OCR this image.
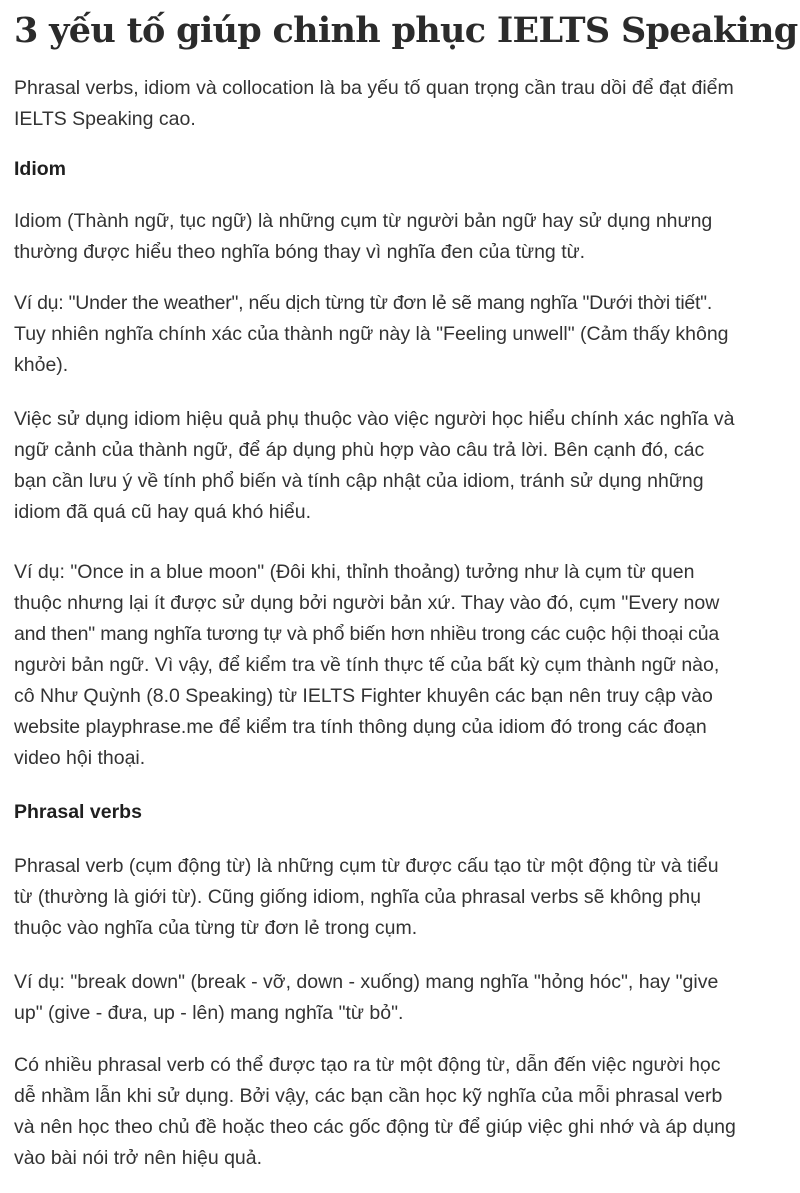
3 yếu tố giúp chinh phục IELTS Speaking

Phrasal verbs, idiom và collocation là ba yếu tố quan trọng cần trau dồi để đạt điểm
IELTS Speaking cao.

Idiom

Idiom (Thành ngữ, tục ngữ) là những cụm từ người bản ngữ hay sử dụng nhưng
thường được hiểu theo nghĩa bóng thay vì nghĩa đen của từng từ.

Ví dụ: "Under the weather", nếu dịch từng từ đơn lẻ sẽ mang nghĩa "Dưới thời tiết".
Tuy nhiên nghĩa chính xác của thành ngữ này là "Feeling unwell" (Cảm thấy không
khỏe).

Việc sử dụng idiom hiệu quả phụ thuộc vào việc người học hiểu chính xác nghĩa và
ngữ cảnh của thành ngữ, để áp dụng phù hợp vào câu trả lời. Bên cạnh đó, các
bạn cần lưu ý về tính phổ biến và tính cập nhật của idiom, tránh sử dụng những
idiom đã quá cũ hay quá khó hiểu.

Ví dụ: "Once in a blue moon" (Đôi khi, thỉnh thoảng) tưởng như là cụm từ quen
thuộc nhưng lại ít được sử dụng bởi người bản xứ. Thay vào đó, cụm "Every now
and then" mang nghĩa tương tự và phổ biến hơn nhiều trong các cuộc hội thoại của
người bản ngữ. Vì vậy, để kiểm tra về tính thực tế của bất kỳ cụm thành ngữ nào,
cô Như Quỳnh (8.0 Speaking) từ IELTS Fighter khuyên các bạn nên truy cập vào
website playphrase.me để kiểm tra tính thông dụng của idiom đó trong các đoạn
video hội thoại.

Phrasal verbs

Phrasal verb (cụm động từ) là những cụm từ được cấu tạo từ một động từ và tiểu
từ (thường là giới từ). Cũng giống idiom, nghĩa của phrasal verbs sẽ không phụ
thuộc vào nghĩa của từng từ đơn lẻ trong cụm.

Ví dụ: "break down" (break - vỡ, down - xuống) mang nghĩa "hỏng hóc", hay "give
up" (give - đưa, up - lên) mang nghĩa "từ bỏ".

Có nhiều phrasal verb có thể được tạo ra từ một động từ, dẫn đến việc người học
dễ nhầm lẫn khi sử dụng. Bởi vậy, các bạn cần học kỹ nghĩa của mỗi phrasal verb
và nên học theo chủ đề hoặc theo các gốc động từ để giúp việc ghi nhớ và áp dụng
vào bài nói trở nên hiệu quả.
